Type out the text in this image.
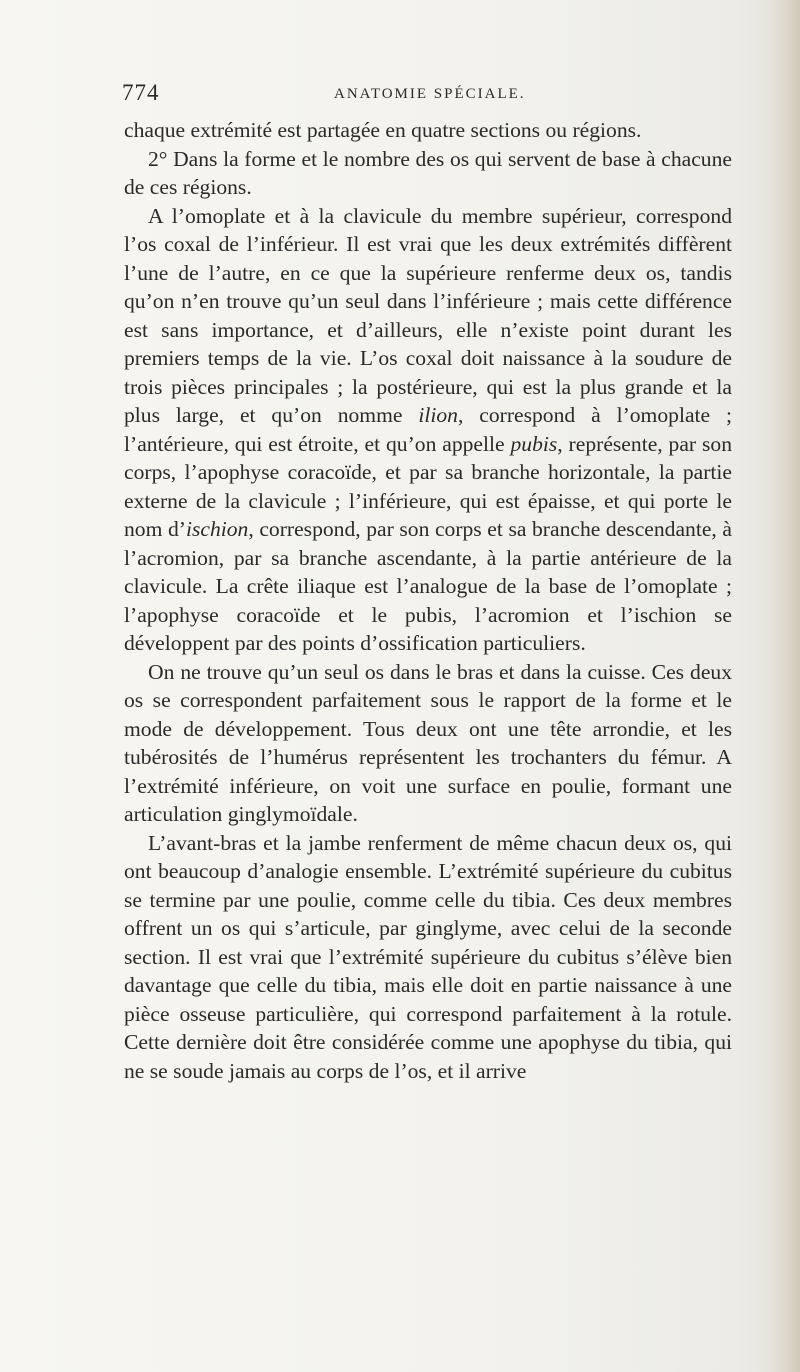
774	ANATOMIE SPÉCIALE.

chaque extrémité est partagée en quatre sections ou régions.

2° Dans la forme et le nombre des os qui servent de base à chacune de ces régions.

A l’omoplate et à la clavicule du membre supérieur, correspond l’os coxal de l’inférieur. Il est vrai que les deux extrémités diffèrent l’une de l’autre, en ce que la supérieure renferme deux os, tandis qu’on n’en trouve qu’un seul dans l’inférieure ; mais cette différence est sans importance, et d’ailleurs, elle n’existe point durant les premiers temps de la vie. L’os coxal doit naissance à la soudure de trois pièces principales ; la postérieure, qui est la plus grande et la plus large, et qu’on nomme ilion, correspond à l’omoplate ; l’antérieure, qui est étroite, et qu’on appelle pubis, représente, par son corps, l’apophyse coracoïde, et par sa branche horizontale, la partie externe de la clavicule ; l’inférieure, qui est épaisse, et qui porte le nom d’ischion, correspond, par son corps et sa branche descendante, à l’acromion, par sa branche ascendante, à la partie antérieure de la clavicule. La crête iliaque est l’analogue de la base de l’omoplate ; l’apophyse coracoïde et le pubis, l’acromion et l’ischion se développent par des points d’ossification particuliers.

On ne trouve qu’un seul os dans le bras et dans la cuisse. Ces deux os se correspondent parfaitement sous le rapport de la forme et le mode de développement. Tous deux ont une tête arrondie, et les tubérosités de l’humérus représentent les trochanters du fémur. A l’extrémité inférieure, on voit une surface en poulie, formant une articulation ginglymoïdale.

L’avant-bras et la jambe renferment de même chacun deux os, qui ont beaucoup d’analogie ensemble. L’extrémité supérieure du cubitus se termine par une poulie, comme celle du tibia. Ces deux membres offrent un os qui s’articule, par ginglyme, avec celui de la seconde section. Il est vrai que l’extrémité supérieure du cubitus s’élève bien davantage que celle du tibia, mais elle doit en partie naissance à une pièce osseuse particulière, qui correspond parfaitement à la rotule. Cette dernière doit être considérée comme une apophyse du tibia, qui ne se soude jamais au corps de l’os, et il arrive
